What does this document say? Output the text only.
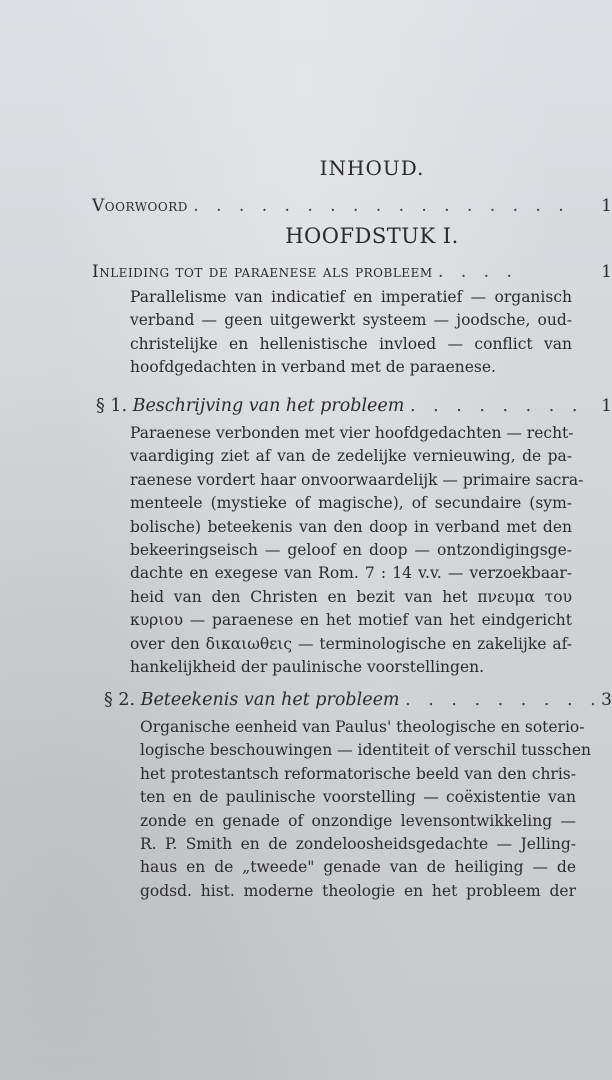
INHOUD.
Voorwoord . . . . . . . . . . . . . . . . . 1
HOOFDSTUK I.
Inleiding tot de paraenese als probleem . . . .	1
Parallelisme van indicatief en imperatief — organisch
verband — geen uitgewerkt systeem — joodsche, oud-
christelijke en hellenistische invloed — conflict van
hoofdgedachten in verband met de paraenese.
§ 1. Beschrijving van het probleem . . . . . . . . 1
Paraenese verbonden met vier hoofdgedachten — recht-
vaardiging ziet af van de zedelijke vernieuwing, de pa-
raenese vordert haar onvoorwaardelijk — primaire sacra-
menteele (mystieke of magische), of secundaire (sym-
bolische) beteekenis van den doop in verband met den
bekeeringseisch — geloof en doop — ontzondigingsge-
dachte en exegese van Rom. 7 : 14 v.v. — verzoekbaar-
heid van den Christen en bezit van het πνευμα του
κυριου — paraenese en het motief van het eindgericht
over den δικαιωθεις — terminologische en zakelijke af-
hankelijkheid der paulinische voorstellingen.
§ 2. Beteekenis van het probleem . . . . . . . . . 3
Organische eenheid van Paulus' theologische en soterio-
logische beschouwingen — identiteit of verschil tusschen
het protestantsch reformatorische beeld van den chris-
ten en de paulinische voorstelling — coëxistentie van
zonde en genade of onzondige levensontwikkeling —
R. P. Smith en de zondeloosheidsgedachte — Jelling-
haus en de „tweede" genade van de heiliging — de
godsd. hist. moderne theologie en het probleem der
